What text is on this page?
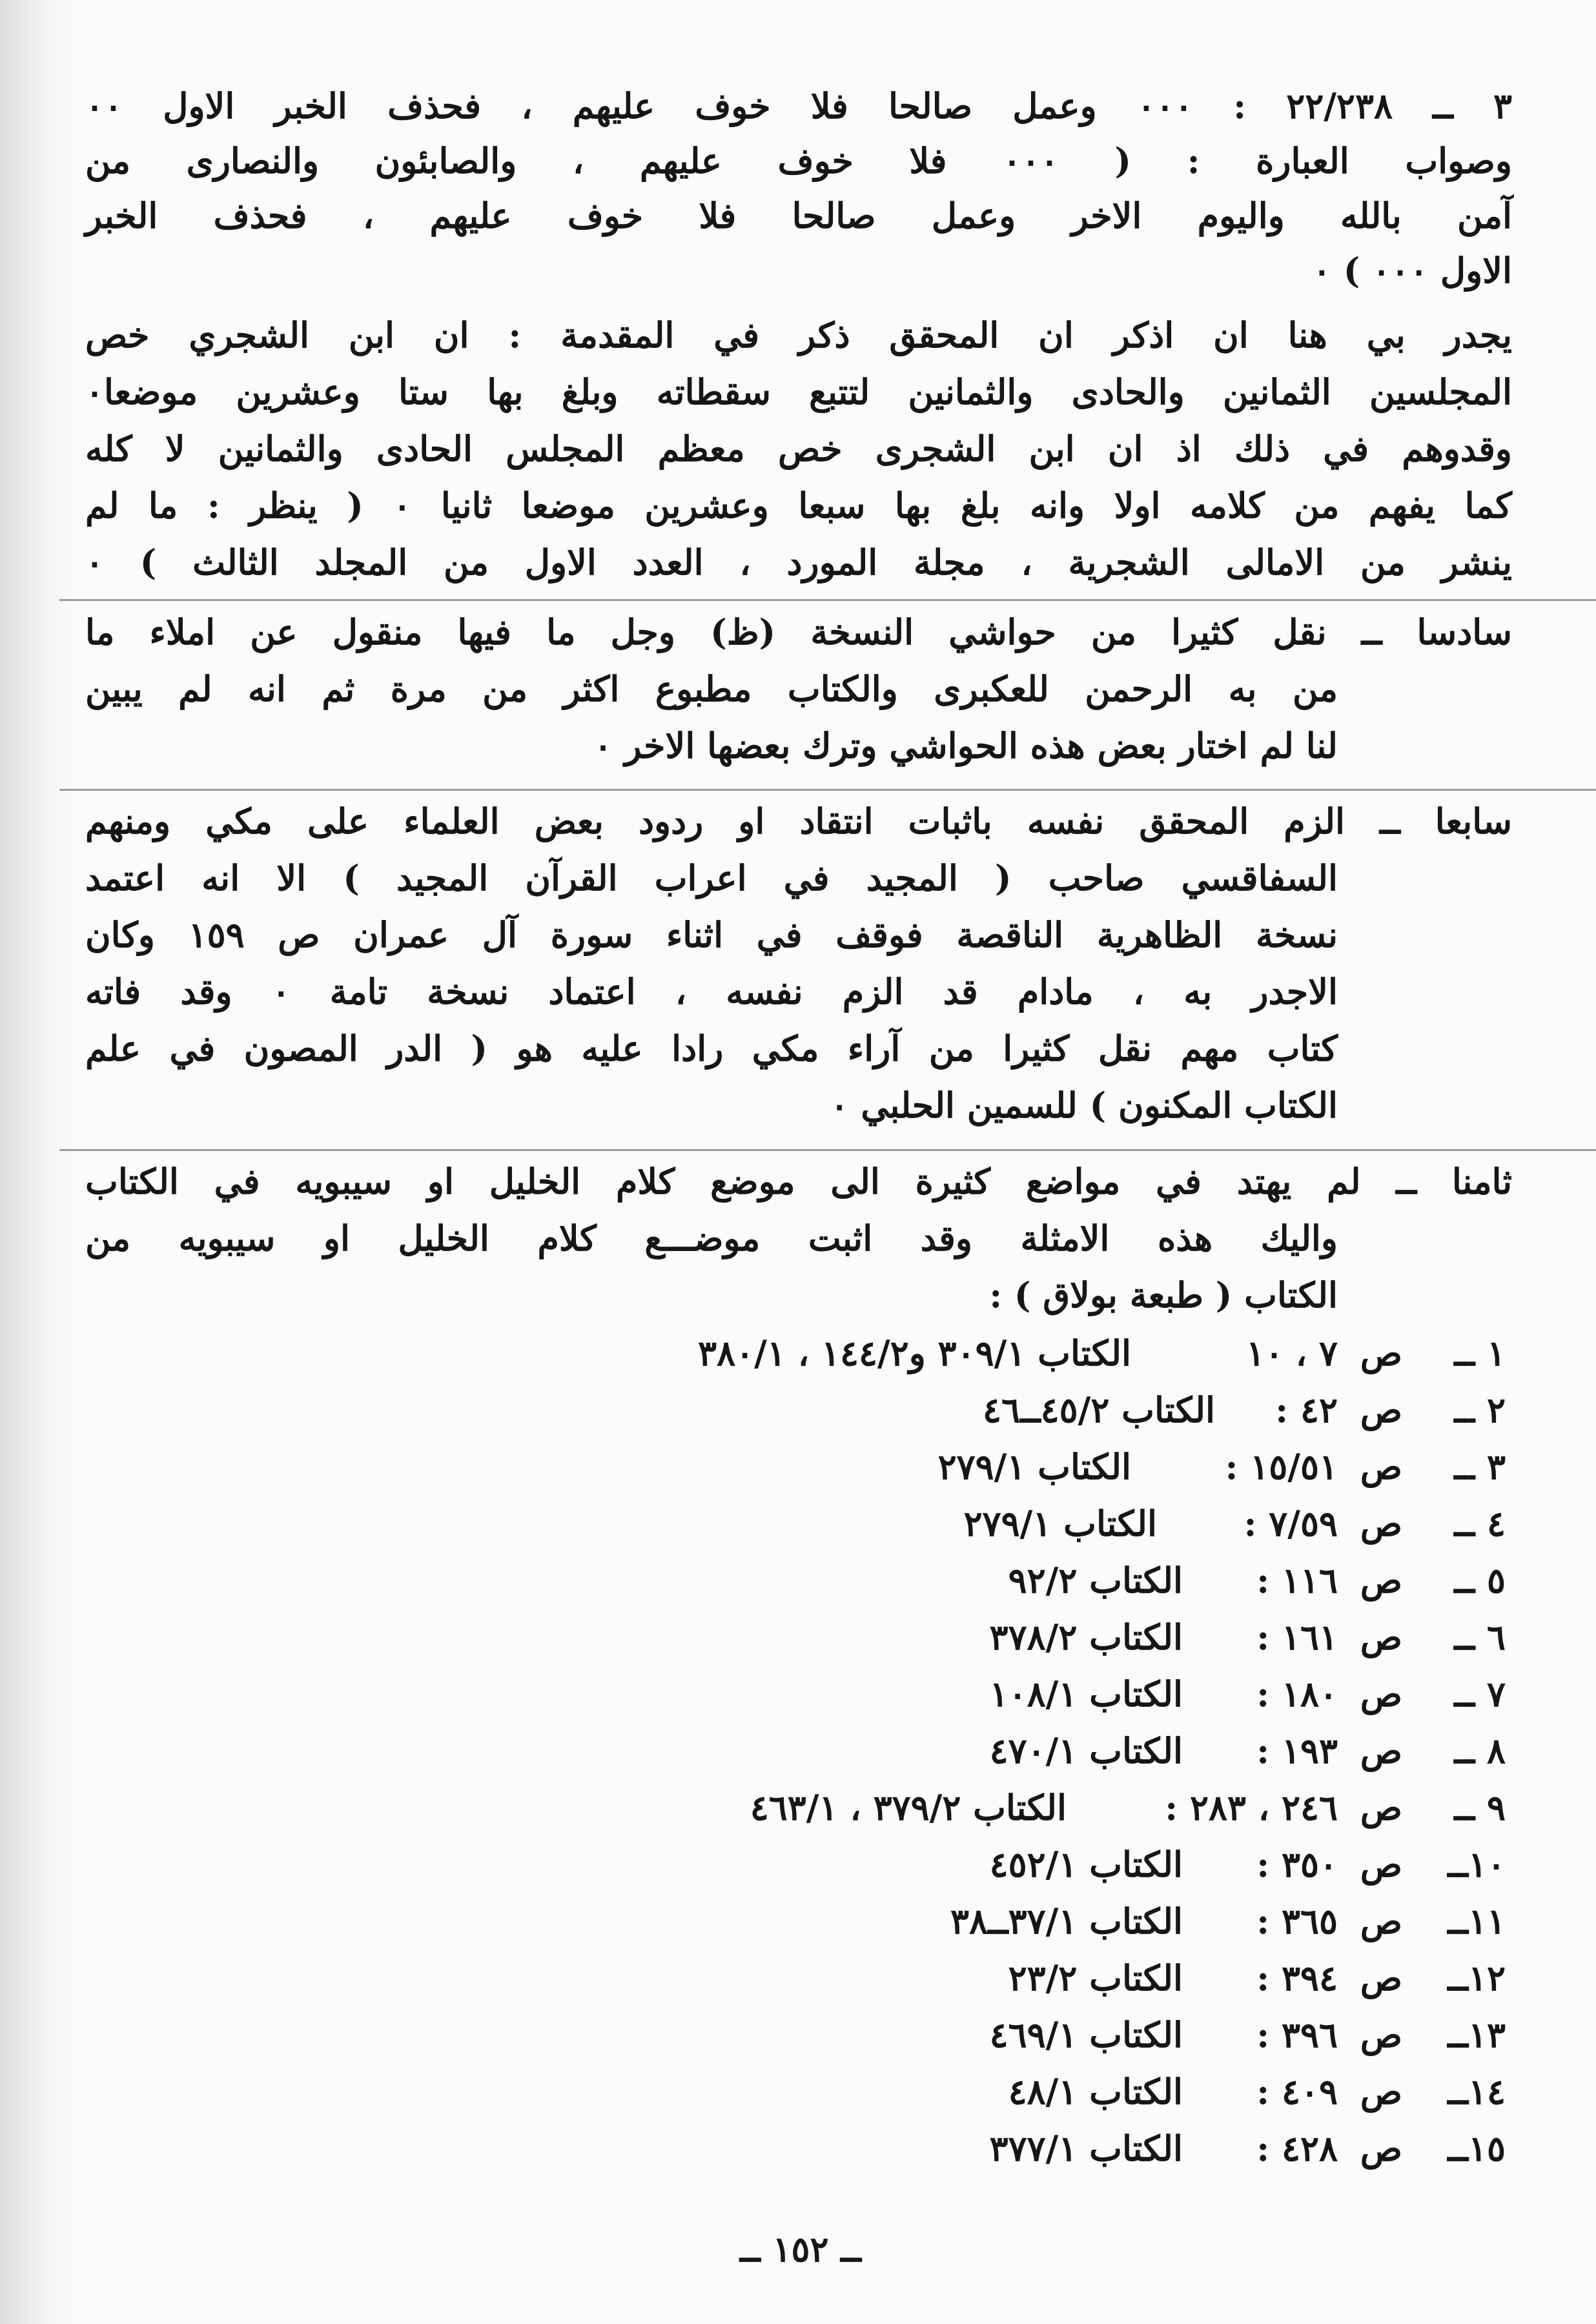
٣ ــ ٢٢/٢٣٨ : ٠٠٠ وعمل صالحا فلا خوف عليهم ، فحذف الخبر الاول ٠٠
وصواب العبارة : ( ٠٠٠ فلا خوف عليهم ، والصابئون والنصارى من
آمن بالله واليوم الاخر وعمل صالحا فلا خوف عليهم ، فحذف الخبر
الاول ٠٠٠ ) ٠
يجدر بي هنا ان اذكر ان المحقق ذكر في المقدمة : ان ابن الشجري خص
المجلسين الثمانين والحادى والثمانين لتتبع سقطاته وبلغ بها ستا وعشرين موضعا٠
وقدوهم في ذلك اذ ان ابن الشجرى خص معظم المجلس الحادى والثمانين لا كله
كما يفهم من كلامه اولا وانه بلغ بها سبعا وعشرين موضعا ثانيا ٠ ( ينظر : ما لم
ينشر من الامالى الشجرية ، مجلة المورد ، العدد الاول من المجلد الثالث ) ٠
سادسا ــ نقل كثيرا من حواشي النسخة (ظ) وجل ما فيها منقول عن املاء ما
من به الرحمن للعكبرى والكتاب مطبوع اكثر من مرة ثم انه لم يبين
لنا لم اختار بعض هذه الحواشي وترك بعضها الاخر ٠
سابعا ــ الزم المحقق نفسه باثبات انتقاد او ردود بعض العلماء على مكي ومنهم
السفاقسي صاحب ( المجيد في اعراب القرآن المجيد ) الا انه اعتمد
نسخة الظاهرية الناقصة فوقف في اثناء سورة آل عمران ص ١٥٩ وكان
الاجدر به ، مادام قد الزم نفسه ، اعتماد نسخة تامة ٠ وقد فاته
كتاب مهم نقل كثيرا من آراء مكي رادا عليه هو ( الدر المصون في علم
الكتاب المكنون ) للسمين الحلبي ٠
ثامنا ــ لم يهتد في مواضع كثيرة الى موضع كلام الخليل او سيبويه في الكتاب
واليك هذه الامثلة وقد اثبت موضـــع كلام الخليل او سيبويه من
الكتاب ( طبعة بولاق ) :
١ ــ
ص
٧ ، ١٠
الكتاب ٣٠٩/١ و١٤٤/٢ ، ٣٨٠/١
٢ ــ
ص
٤٢ :
الكتاب ٤٥/٢ــ٤٦
٣ ــ
ص
١٥/٥١ :
الكتاب ٢٧٩/١
٤ ــ
ص
٧/٥٩ :
الكتاب ٢٧٩/١
٥ ــ
ص
١١٦ :
الكتاب ٩٢/٢
٦ ــ
ص
١٦١ :
الكتاب ٣٧٨/٢
٧ ــ
ص
١٨٠ :
الكتاب ١٠٨/١
٨ ــ
ص
١٩٣ :
الكتاب ٤٧٠/١
٩ ــ
ص
٢٤٦ ، ٢٨٣ :
الكتاب ٣٧٩/٢ ، ٤٦٣/١
١٠ــ
ص
٣٥٠ :
الكتاب ٤٥٢/١
١١ــ
ص
٣٦٥ :
الكتاب ٣٧/١ــ٣٨
١٢ــ
ص
٣٩٤ :
الكتاب ٢٣/٢
١٣ــ
ص
٣٩٦ :
الكتاب ٤٦٩/١
١٤ــ
ص
٤٠٩ :
الكتاب ٤٨/١
١٥ــ
ص
٤٢٨ :
الكتاب ٣٧٧/١
ــ ١٥٢ ــ
